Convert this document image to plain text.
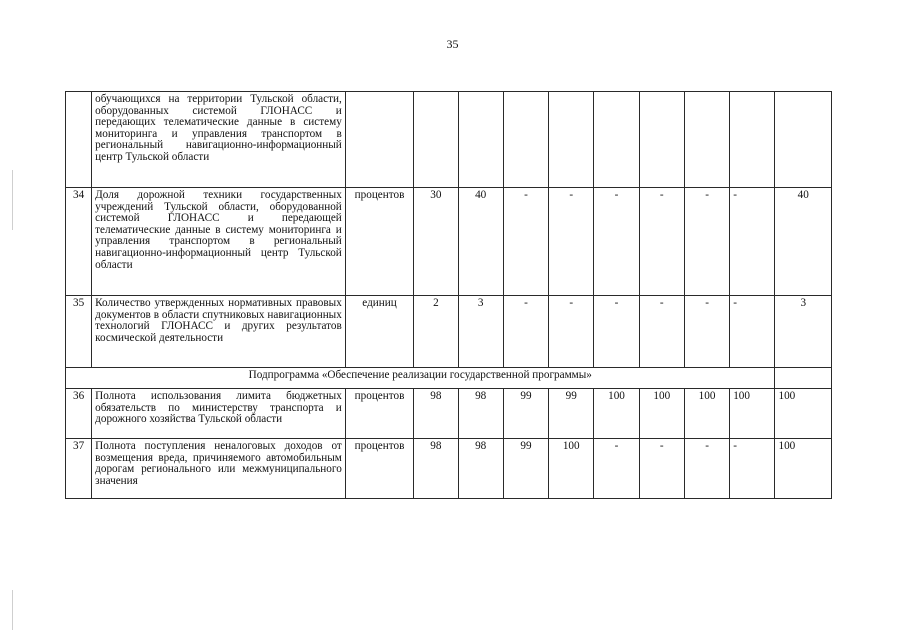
35
	обучающихся на территории Тульской области, оборудованных системой ГЛОНАСС и передающих телематические данные в систему мониторинга и управления транспортом в региональный навигационно-информационный центр Тульской области										
34	Доля дорожной техники государственных учреждений Тульской области, оборудованной системой ГЛОНАСС и передающей телематические данные в систему мониторинга и управления транспортом в региональный навигационно-информационный центр Тульской области	процентов	30	40	-	-	-	-	-	-	40
35	Количество утвержденных нормативных правовых документов в области спутниковых навигационных технологий ГЛОНАСС и других результатов космической деятельности	единиц	2	3	-	-	-	-	-	-	3
Подпрограмма «Обеспечение реализации государственной программы»											
36	Полнота использования лимита бюджетных обязательств по министерству транспорта и дорожного хозяйства Тульской области	процентов	98	98	99	99	100	100	100	100	100
37	Полнота поступления неналоговых доходов от возмещения вреда, причиняемого автомобильным дорогам регионального или межмуниципального значения	процентов	98	98	99	100	-	-	-	-	100
